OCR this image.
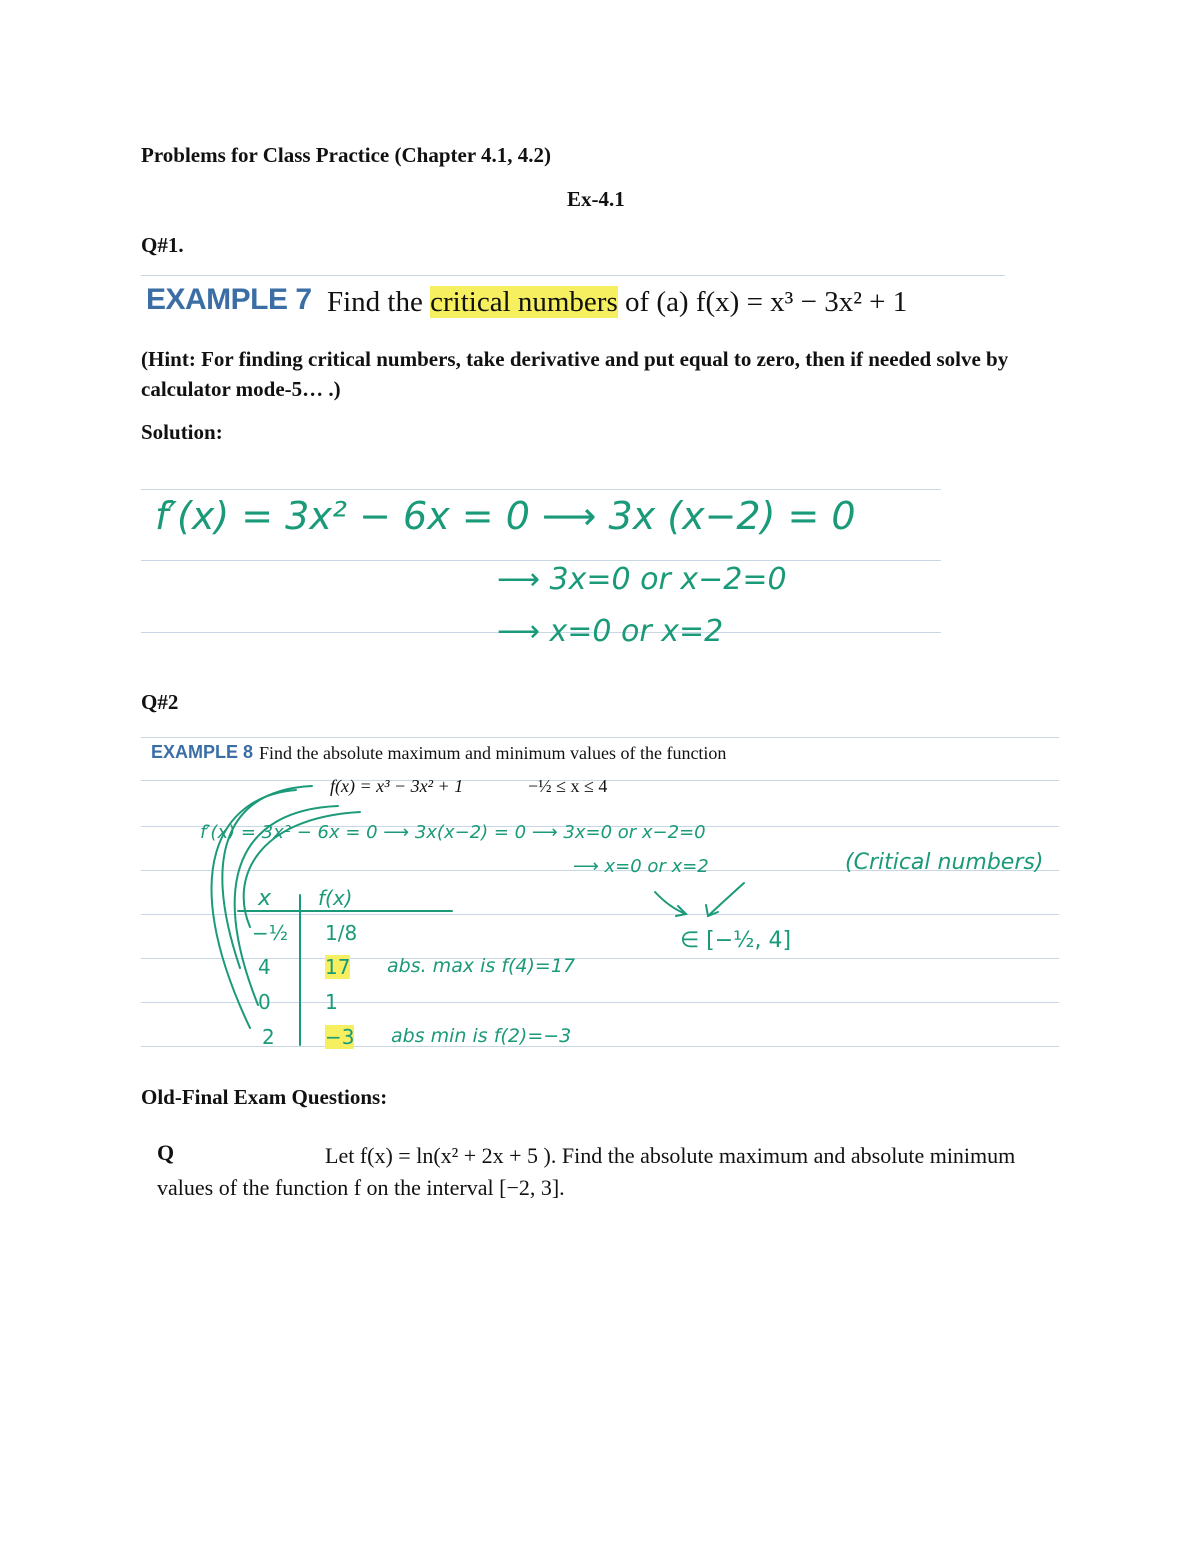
Problems for Class Practice (Chapter 4.1, 4.2)
Ex-4.1
Q#1.
EXAMPLE 7 Find the critical numbers of (a) f(x) = x³ − 3x² + 1
(Hint: For finding critical numbers, take derivative and put equal to zero, then if needed solve by calculator mode-5… .)
Solution:
f′(x) = 3x² − 6x = 0 ⟶ 3x (x−2) = 0
⟶ 3x=0 or x−2=0
⟶ x=0 or x=2
Q#2
EXAMPLE 8 Find the absolute maximum and minimum values of the function
f(x) = x³ − 3x² + 1	−½ ≤ x ≤ 4
f′(x) = 3x² − 6x = 0 ⟶ 3x(x−2) = 0 ⟶ 3x=0 or x−2=0
⟶ x=0 or x=2	(Critical numbers)
∈ [−½, 4]
x f(x)
−½ 1/8
4	17 abs. max is f(4)=17
0	1
2	−3 abs min is f(2)=−3
Old-Final Exam Questions:
Q	Let f(x) = ln(x² + 2x + 5 ). Find the absolute maximum and absolute minimum values of the function f on the interval [−2, 3].
